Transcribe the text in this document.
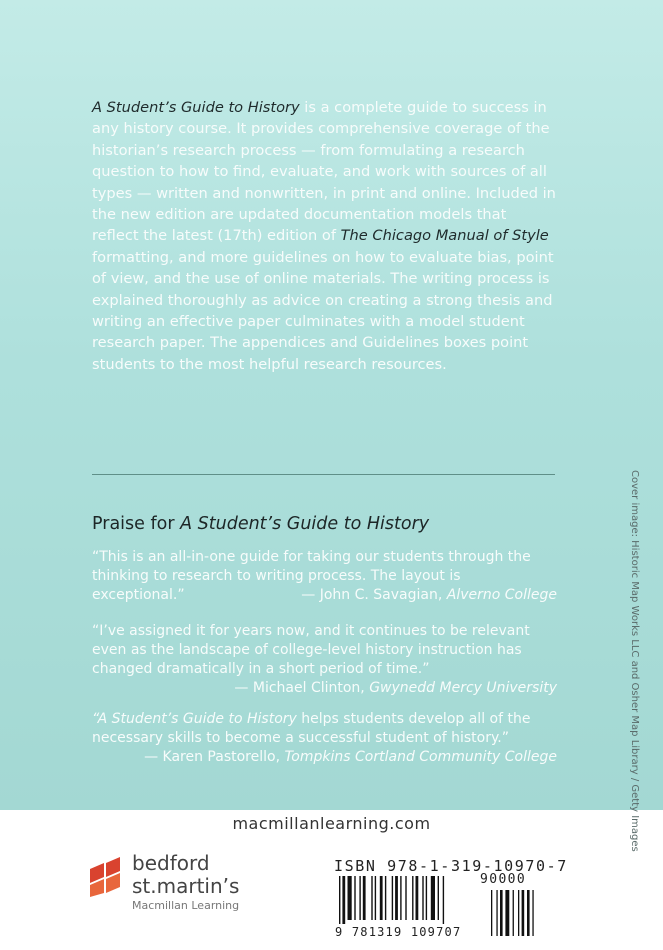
A Student’s Guide to History is a complete guide to success in any history course. It provides comprehensive coverage of the historian’s research process — from formulating a research question to how to find, evaluate, and work with sources of all types — written and nonwritten, in print and online. Included in the new edition are updated documentation models that reflect the latest (17th) edition of The Chicago Manual of Style formatting, and more guidelines on how to evaluate bias, point of view, and the use of online materials. The writing process is explained thoroughly as advice on creating a strong thesis and writing an effective paper culminates with a model student research paper. The appendices and Guidelines boxes point students to the most helpful research resources.

Praise for A Student’s Guide to History

“This is an all-in-one guide for taking our students through the thinking to research to writing process. The layout is exceptional.”	— John C. Savagian, Alverno College

“I’ve assigned it for years now, and it continues to be relevant even as the landscape of college-level history instruction has changed dramatically in a short period of time.”
— Michael Clinton, Gwynedd Mercy University

“A Student’s Guide to History helps students develop all of the necessary skills to become a successful student of history.”
— Karen Pastorello, Tompkins Cortland Community College	Cover image: Historic Map Works LLC and Osher Map Library / Getty Images
macmillanlearning.com
bedford
st.martin’s
Macmillan Learning
ISBN 978-1-319-10970-7
90000
9 781319 109707
